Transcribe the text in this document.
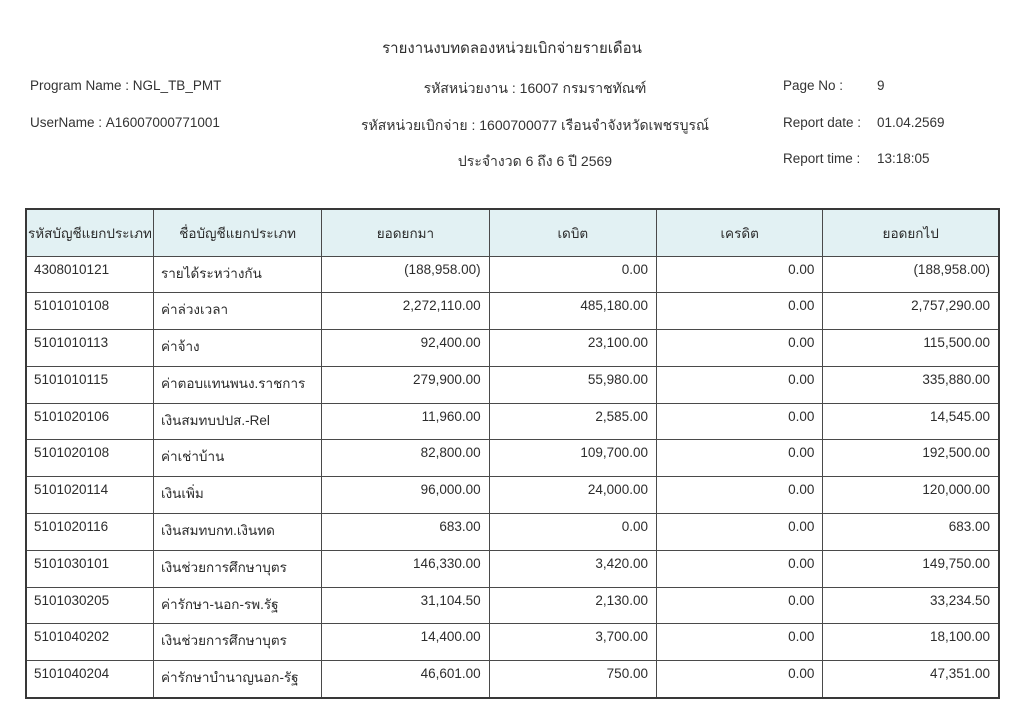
รายงานงบทดลองหน่วยเบิกจ่ายรายเดือน
Program Name : NGL_TB_PMT
UserName : A16007000771001
รหัสหน่วยงาน : 16007 กรมราชทัณฑ์
รหัสหน่วยเบิกจ่าย : 1600700077 เรือนจำจังหวัดเพชรบูรณ์
ประจำงวด 6 ถึง 6 ปี 2569
Page No :	9
Report date : 01.04.2569
Report time : 13:18:05
รหัสบัญชีแยกประเภท	ชื่อบัญชีแยกประเภท	ยอดยกมา	เดบิต	เครดิต	ยอดยกไป
4308010121	รายได้ระหว่างกัน	(188,958.00)	0.00	0.00	(188,958.00)
5101010108	ค่าล่วงเวลา	2,272,110.00	485,180.00	0.00	2,757,290.00
5101010113	ค่าจ้าง	92,400.00	23,100.00	0.00	115,500.00
5101010115	ค่าตอบแทนพนง.ราชการ	279,900.00	55,980.00	0.00	335,880.00
5101020106	เงินสมทบปปส.-Rel	11,960.00	2,585.00	0.00	14,545.00
5101020108	ค่าเช่าบ้าน	82,800.00	109,700.00	0.00	192,500.00
5101020114	เงินเพิ่ม	96,000.00	24,000.00	0.00	120,000.00
5101020116	เงินสมทบกท.เงินทด	683.00	0.00	0.00	683.00
5101030101	เงินช่วยการศึกษาบุตร	146,330.00	3,420.00	0.00	149,750.00
5101030205	ค่ารักษา-นอก-รพ.รัฐ	31,104.50	2,130.00	0.00	33,234.50
5101040202	เงินช่วยการศึกษาบุตร	14,400.00	3,700.00	0.00	18,100.00
5101040204	ค่ารักษาบำนาญนอก-รัฐ	46,601.00	750.00	0.00	47,351.00
